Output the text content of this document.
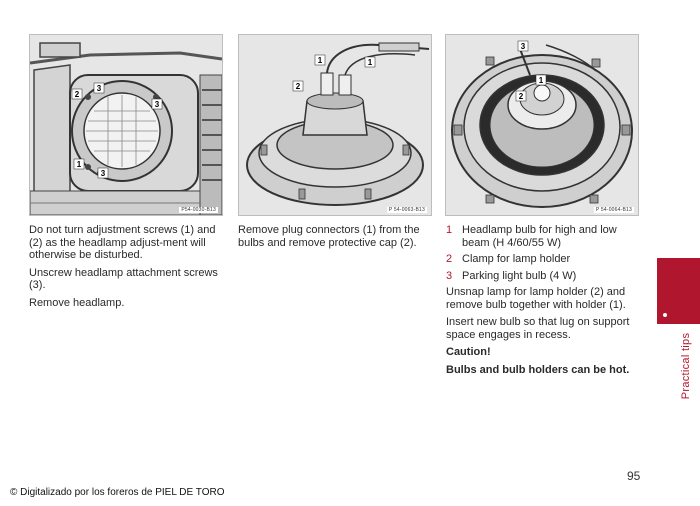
2
3
3
1
3
P54-0030-B13
1	1
2
P 54-0063-B13
3
1
2
P 54-0064-B13

Do not turn adjustment screws (1) and (2) as the headlamp adjust-ment will otherwise be disturbed.

Unscrew headlamp attachment screws (3).

Remove headlamp.

Remove plug connectors (1) from the bulbs and remove protective cap (2).

1 Headlamp bulb for high and low beam (H 4/60/55 W)
2 Clamp for lamp holder
3 Parking light bulb (4 W)

Unsnap lamp for lamp holder (2) and remove bulb together with holder (1).

Insert new bulb so that lug on support space engages in recess.

Caution!

Bulbs and bulb holders can be hot.	Practical tips
95
© Digitalizado por los foreros de PIEL DE TORO
